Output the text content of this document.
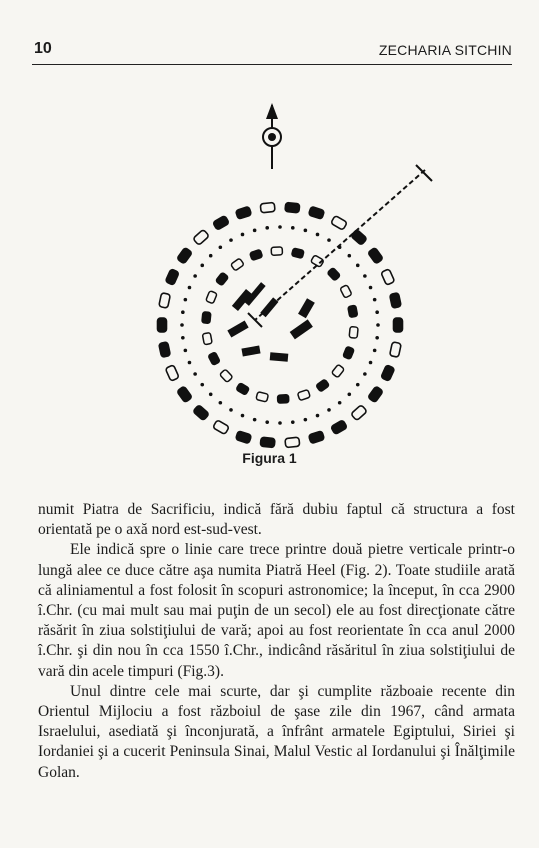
10	ZECHARIA SITCHIN
Figura 1

numit Piatra de Sacrificiu, indică fără dubiu faptul că structura a fost orientată pe o axă nord est-sud-vest.

Ele indică spre o linie care trece printre două pietre verticale printr-o lungă alee ce duce către aşa numita Piatră Heel (Fig. 2). Toate studiile arată că aliniamentul a fost folosit în scopuri astronomice; la început, în cca 2900 î.Chr. (cu mai mult sau mai puţin de un secol) ele au fost direcţionate către răsărit în ziua solstiţiului de vară; apoi au fost reorientate în cca anul 2000 î.Chr. şi din nou în cca 1550 î.Chr., indicând răsăritul în ziua solstiţiului de vară din acele timpuri (Fig.3).

Unul dintre cele mai scurte, dar şi cumplite războaie recente din Orientul Mijlociu a fost războiul de şase zile din 1967, când armata Israelului, asediată şi înconjurată, a înfrânt armatele Egiptului, Siriei şi Iordaniei şi a cucerit Peninsula Sinai, Malul Vestic al Iordanului şi Înălţimile Golan.
